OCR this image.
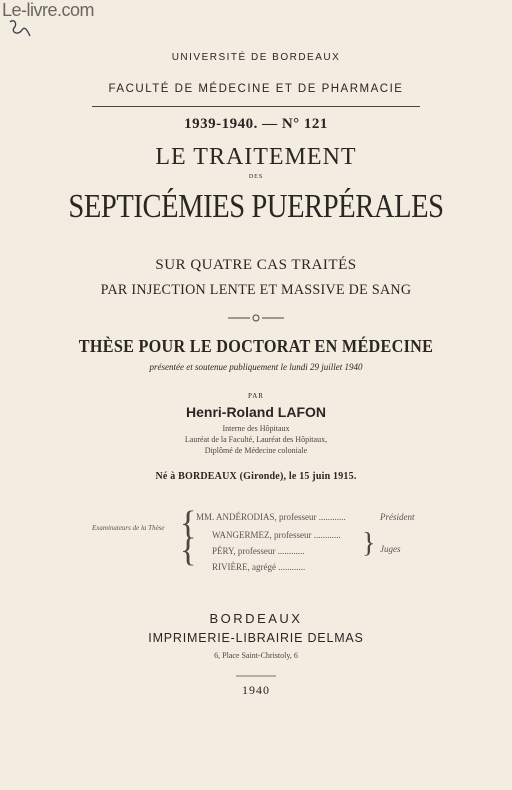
Le-livre.com
UNIVERSITÉ DE BORDEAUX
FACULTÉ DE MÉDECINE ET DE PHARMACIE
1939-1940. — N° 121
LE TRAITEMENT
DES
SEPTICÉMIES PUERPÉRALES
SUR QUATRE CAS TRAITÉS
PAR INJECTION LENTE ET MASSIVE DE SANG
THÈSE POUR LE DOCTORAT EN MÉDECINE
présentée et soutenue publiquement le lundi 29 juillet 1940
PAR
Henri-Roland LAFON
Interne des Hôpitaux
Lauréat de la Faculté, Lauréat des Hôpitaux,
Diplômé de Médecine coloniale
Né à BORDEAUX (Gironde), le 15 juin 1915.
Examinateurs de la Thèse {
{
MM. ANDÉRODIAS, professeur ............
WANGERMEZ, professeur ............
PÉRY, professeur ............
RIVIÈRE, agrégé ............
Président
} Juges
BORDEAUX
IMPRIMERIE-LIBRAIRIE DELMAS
6, Place Saint-Christoly, 6
1940
